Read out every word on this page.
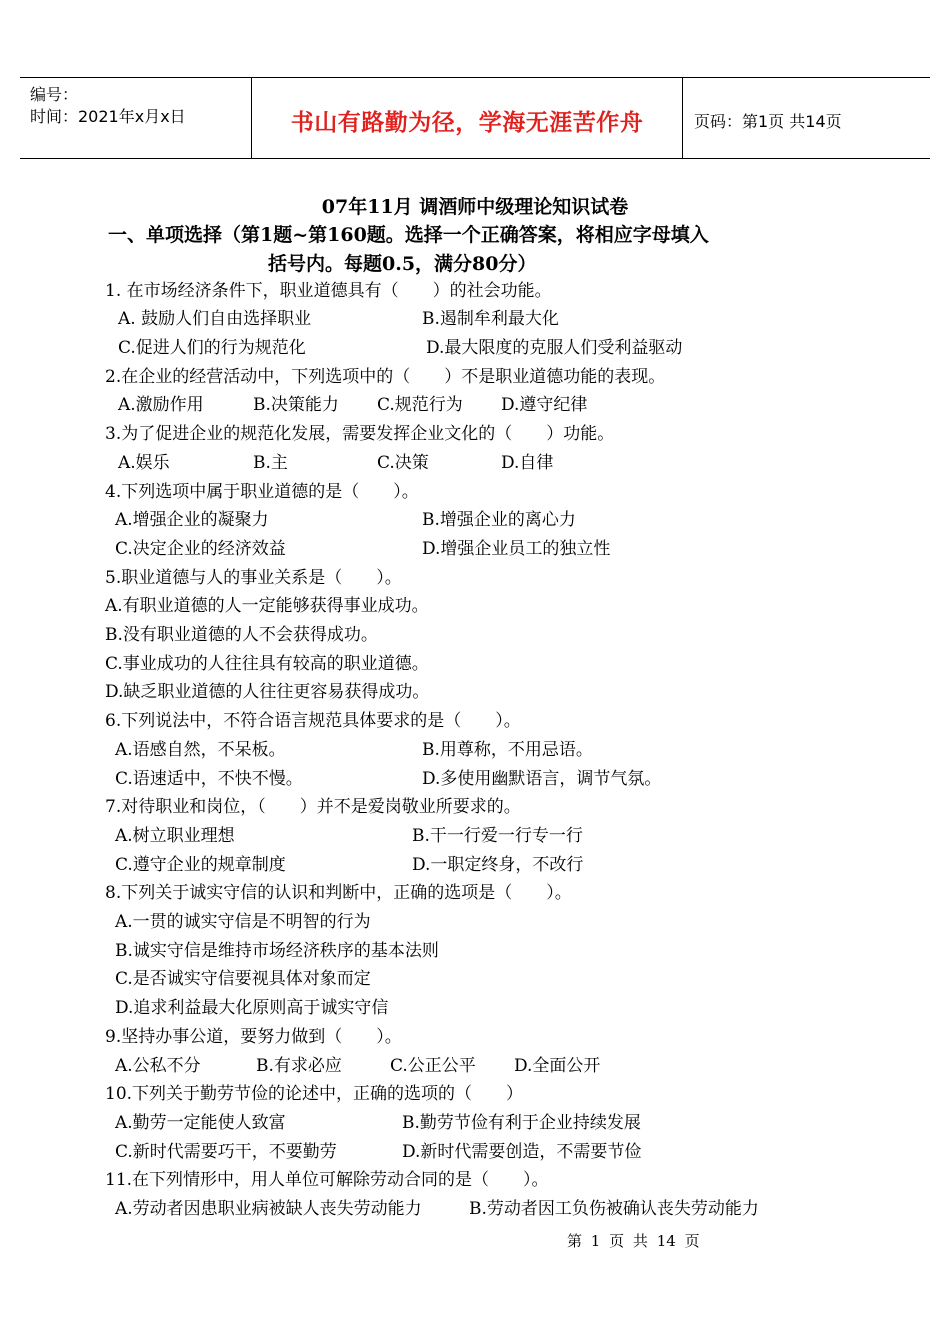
编号：
时间：2021年x月x日	书山有路勤为径，学海无涯苦作舟	页码：第1页 共14页
07年11月 调酒师中级理论知识试卷
一、单项选择（第1题~第160题。选择一个正确答案，将相应字母填入
括号内。每题0.5，满分80分）
1. 在市场经济条件下，职业道德具有（　　）的社会功能。
A. 鼓励人们自由选择职业	B.遏制牟利最大化
C.促进人们的行为规范化	D.最大限度的克服人们受利益驱动
2.在企业的经营活动中，下列选项中的（　　）不是职业道德功能的表现。
A.激励作用	B.决策能力 C.规范行为 D.遵守纪律
3.为了促进企业的规范化发展，需要发挥企业文化的（　　）功能。
A.娱乐	B.主	C.决策	D.自律
4.下列选项中属于职业道德的是（　　）。
A.增强企业的凝聚力	B.增强企业的离心力
C.决定企业的经济效益	D.增强企业员工的独立性
5.职业道德与人的事业关系是（　　）。
A.有职业道德的人一定能够获得事业成功。
B.没有职业道德的人不会获得成功。
C.事业成功的人往往具有较高的职业道德。
D.缺乏职业道德的人往往更容易获得成功。
6.下列说法中，不符合语言规范具体要求的是（　　）。
A.语感自然，不呆板。	B.用尊称，不用忌语。
C.语速适中，不快不慢。	D.多使用幽默语言，调节气氛。
7.对待职业和岗位，（　　）并不是爱岗敬业所要求的。
A.树立职业理想	B.干一行爱一行专一行
C.遵守企业的规章制度	D.一职定终身，不改行
8.下列关于诚实守信的认识和判断中，正确的选项是（　　）。
A.一贯的诚实守信是不明智的行为
B.诚实守信是维持市场经济秩序的基本法则
C.是否诚实守信要视具体对象而定
D.追求利益最大化原则高于诚实守信
9.坚持办事公道，要努力做到（　　）。
A.公私不分	B.有求必应	C.公正公平 D.全面公开
10.下列关于勤劳节俭的论述中，正确的选项的（　　）
A.勤劳一定能使人致富	B.勤劳节俭有利于企业持续发展
C.新时代需要巧干，不要勤劳	D.新时代需要创造，不需要节俭
11.在下列情形中，用人单位可解除劳动合同的是（　　）。
A.劳动者因患职业病被缺人丧失劳动能力	B.劳动者因工负伤被确认丧失劳动能力
第 1 页 共 14 页
